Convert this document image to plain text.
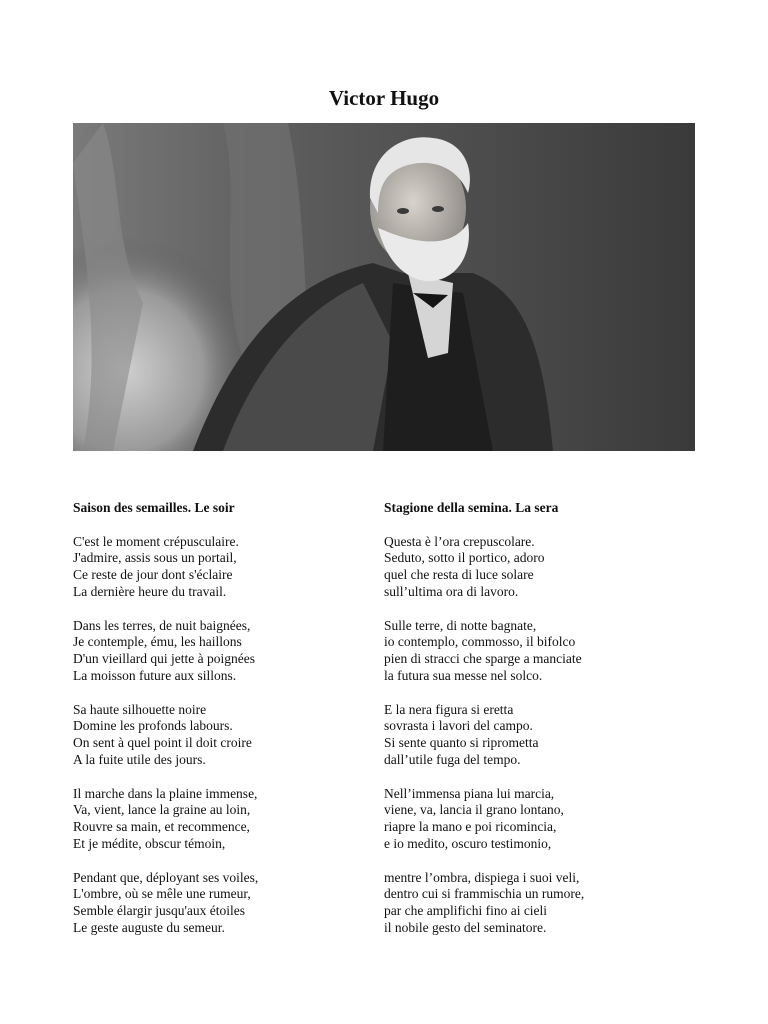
Victor Hugo
Saison des semailles. Le soir
C'est le moment crépusculaire.
J'admire, assis sous un portail,
Ce reste de jour dont s'éclaire
La dernière heure du travail.
Dans les terres, de nuit baignées,
Je contemple, ému, les haillons
D'un vieillard qui jette à poignées
La moisson future aux sillons.
Sa haute silhouette noire
Domine les profonds labours.
On sent à quel point il doit croire
A la fuite utile des jours.
Il marche dans la plaine immense,
Va, vient, lance la graine au loin,
Rouvre sa main, et recommence,
Et je médite, obscur témoin,
Pendant que, déployant ses voiles,
L'ombre, où se mêle une rumeur,
Semble élargir jusqu'aux étoiles
Le geste auguste du semeur.
Stagione della semina. La sera
Questa è l’ora crepuscolare.
Seduto, sotto il portico, adoro
quel che resta di luce solare
sull’ultima ora di lavoro.
Sulle terre, di notte bagnate,
io contemplo, commosso, il bifolco
pien di stracci che sparge a manciate
la futura sua messe nel solco.
E la nera figura si eretta
sovrasta i lavori del campo.
Si sente quanto si riprometta
dall’utile fuga del tempo.
Nell’immensa piana lui marcia,
viene, va, lancia il grano lontano,
riapre la mano e poi ricomincia,
e io medito, oscuro testimonio,
mentre l’ombra, dispiega i suoi veli,
dentro cui si frammischia un rumore,
par che amplifichi fino ai cieli
il nobile gesto del seminatore.
